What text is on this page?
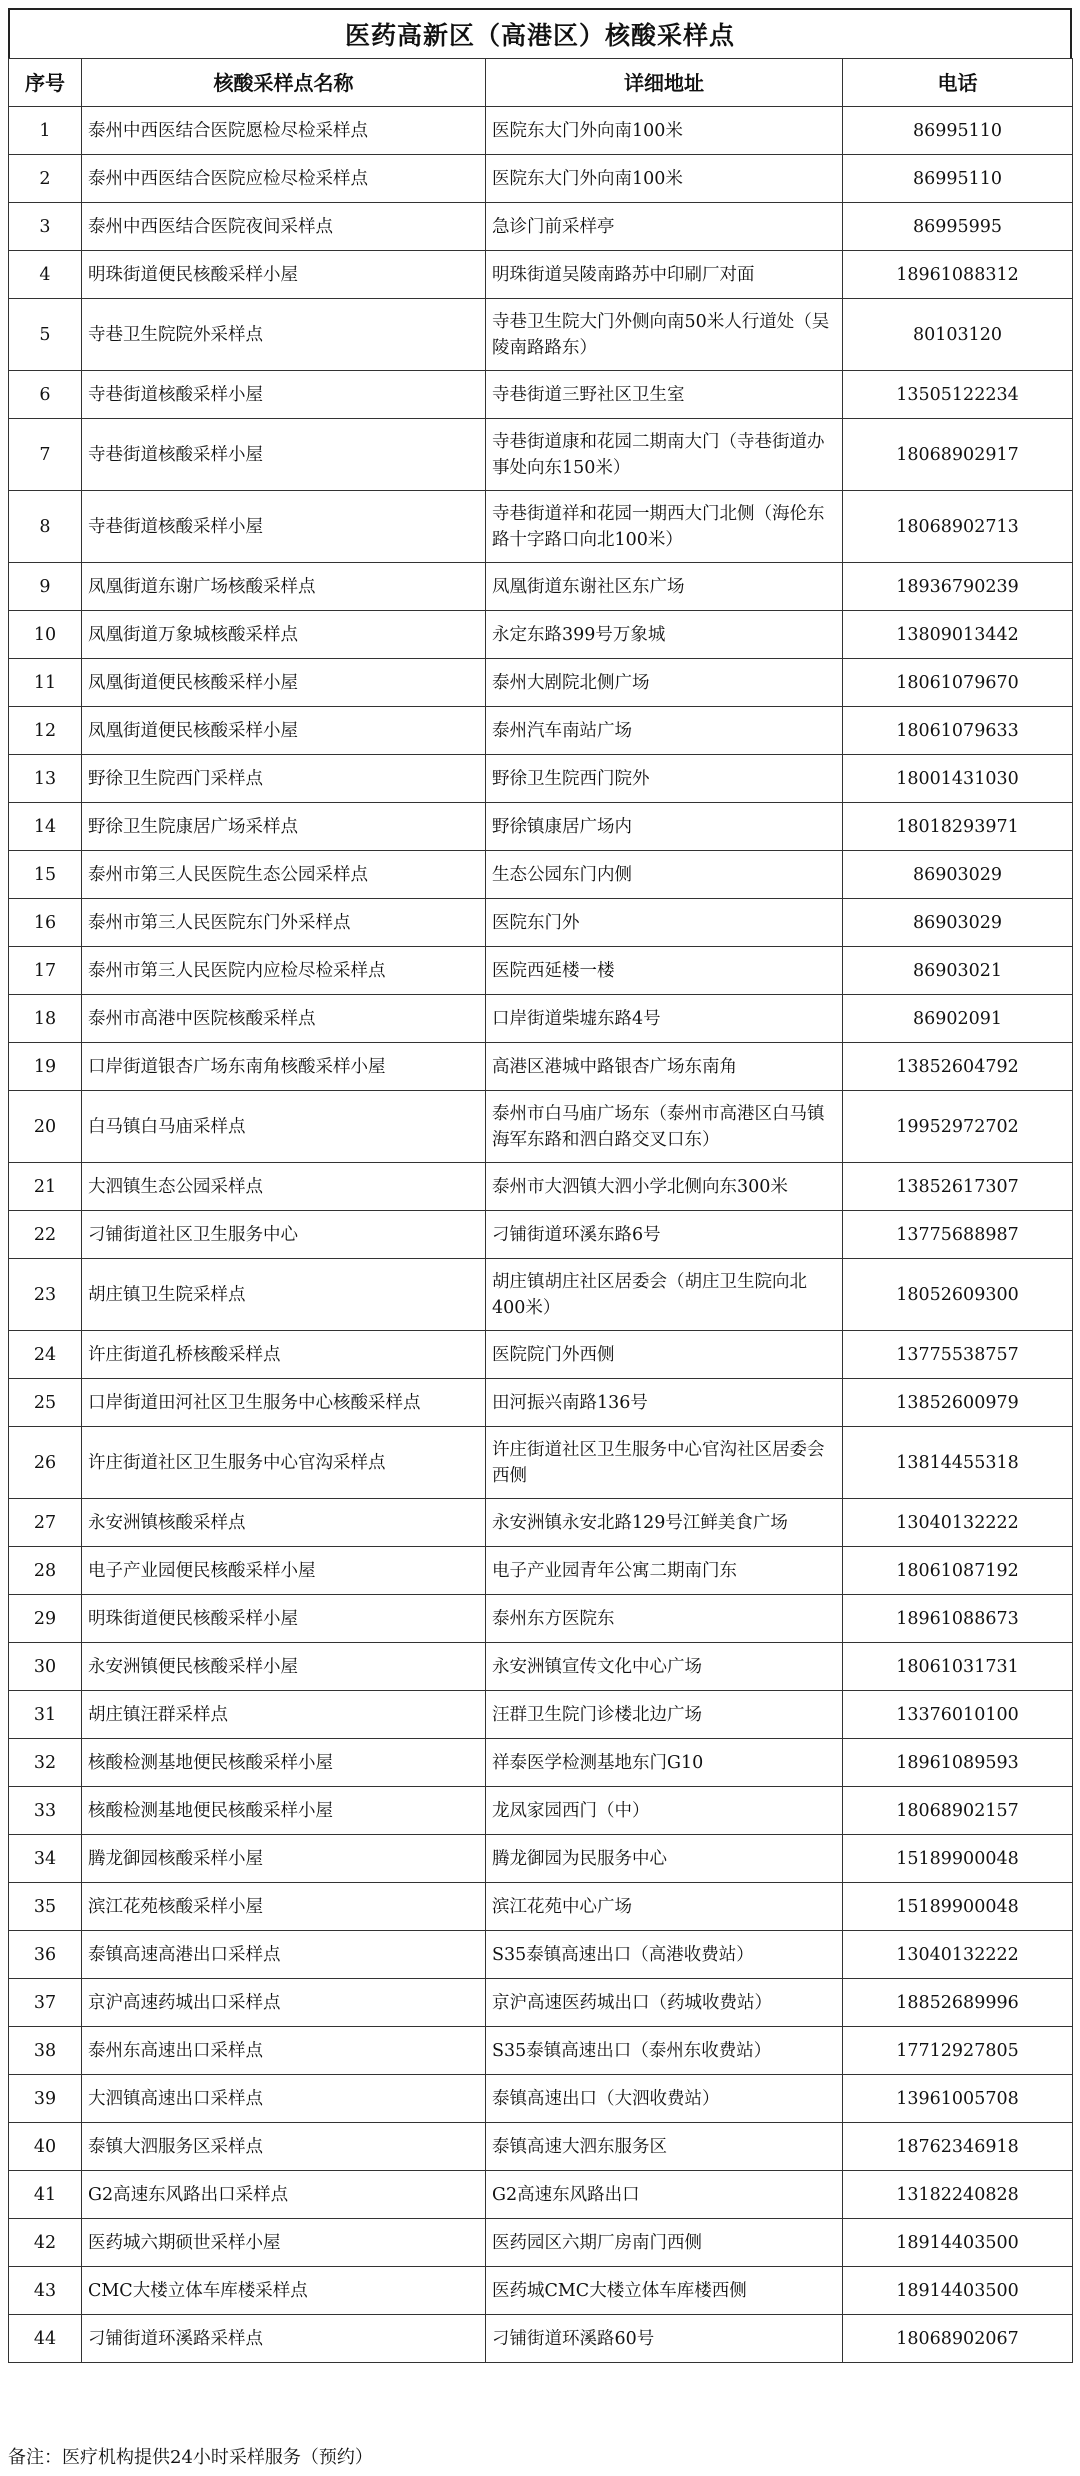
医药高新区（高港区）核酸采样点
序号	核酸采样点名称	详细地址	电话
1	泰州中西医结合医院愿检尽检采样点	医院东大门外向南100米	86995110
2	泰州中西医结合医院应检尽检采样点	医院东大门外向南100米	86995110
3	泰州中西医结合医院夜间采样点	急诊门前采样亭	86995995
4	明珠街道便民核酸采样小屋	明珠街道吴陵南路苏中印刷厂对面	18961088312
5	寺巷卫生院院外采样点	寺巷卫生院大门外侧向南50米人行道处（吴陵南路路东）	80103120
6	寺巷街道核酸采样小屋	寺巷街道三野社区卫生室	13505122234
7	寺巷街道核酸采样小屋	寺巷街道康和花园二期南大门（寺巷街道办事处向东150米）	18068902917
8	寺巷街道核酸采样小屋	寺巷街道祥和花园一期西大门北侧（海伦东路十字路口向北100米）	18068902713
9	凤凰街道东谢广场核酸采样点	凤凰街道东谢社区东广场	18936790239
10	凤凰街道万象城核酸采样点	永定东路399号万象城	13809013442
11	凤凰街道便民核酸采样小屋	泰州大剧院北侧广场	18061079670
12	凤凰街道便民核酸采样小屋	泰州汽车南站广场	18061079633
13	野徐卫生院西门采样点	野徐卫生院西门院外	18001431030
14	野徐卫生院康居广场采样点	野徐镇康居广场内	18018293971
15	泰州市第三人民医院生态公园采样点	生态公园东门内侧	86903029
16	泰州市第三人民医院东门外采样点	医院东门外	86903029
17	泰州市第三人民医院内应检尽检采样点	医院西延楼一楼	86903021
18	泰州市高港中医院核酸采样点	口岸街道柴墟东路4号	86902091
19	口岸街道银杏广场东南角核酸采样小屋	高港区港城中路银杏广场东南角	13852604792
20	白马镇白马庙采样点	泰州市白马庙广场东（泰州市高港区白马镇海军东路和泗白路交叉口东）	19952972702
21	大泗镇生态公园采样点	泰州市大泗镇大泗小学北侧向东300米	13852617307
22	刁铺街道社区卫生服务中心	刁铺街道环溪东路6号	13775688987
23	胡庄镇卫生院采样点	胡庄镇胡庄社区居委会（胡庄卫生院向北400米）	18052609300
24	许庄街道孔桥核酸采样点	医院院门外西侧	13775538757
25	口岸街道田河社区卫生服务中心核酸采样点	田河振兴南路136号	13852600979
26	许庄街道社区卫生服务中心官沟采样点	许庄街道社区卫生服务中心官沟社区居委会西侧	13814455318
27	永安洲镇核酸采样点	永安洲镇永安北路129号江鲜美食广场	13040132222
28	电子产业园便民核酸采样小屋	电子产业园青年公寓二期南门东	18061087192
29	明珠街道便民核酸采样小屋	泰州东方医院东	18961088673
30	永安洲镇便民核酸采样小屋	永安洲镇宣传文化中心广场	18061031731
31	胡庄镇汪群采样点	汪群卫生院门诊楼北边广场	13376010100
32	核酸检测基地便民核酸采样小屋	祥泰医学检测基地东门G10	18961089593
33	核酸检测基地便民核酸采样小屋	龙凤家园西门（中）	18068902157
34	腾龙御园核酸采样小屋	腾龙御园为民服务中心	15189900048
35	滨江花苑核酸采样小屋	滨江花苑中心广场	15189900048
36	泰镇高速高港出口采样点	S35泰镇高速出口（高港收费站）	13040132222
37	京沪高速药城出口采样点	京沪高速医药城出口（药城收费站）	18852689996
38	泰州东高速出口采样点	S35泰镇高速出口（泰州东收费站）	17712927805
39	大泗镇高速出口采样点	泰镇高速出口（大泗收费站）	13961005708
40	泰镇大泗服务区采样点	泰镇高速大泗东服务区	18762346918
41	G2高速东风路出口采样点	G2高速东风路出口	13182240828
42	医药城六期硕世采样小屋	医药园区六期厂房南门西侧	18914403500
43	CMC大楼立体车库楼采样点	医药城CMC大楼立体车库楼西侧	18914403500
44	刁铺街道环溪路采样点	刁铺街道环溪路60号	18068902067
备注：医疗机构提供24小时采样服务（预约）
